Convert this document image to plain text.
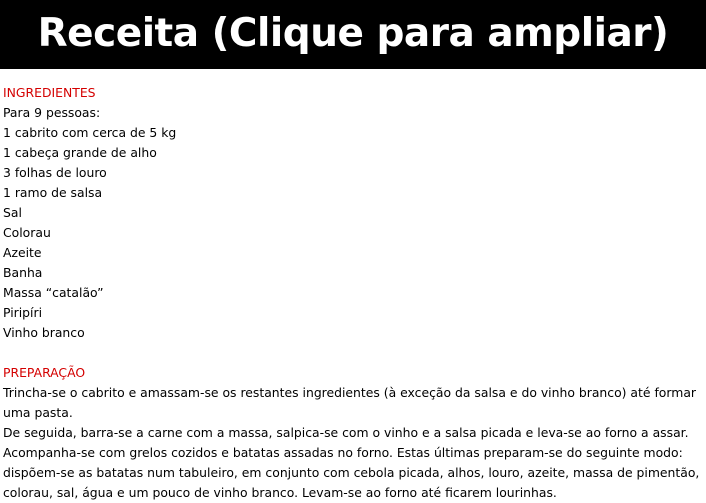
Receita (Clique para ampliar)
INGREDIENTES
Para 9 pessoas:
1 cabrito com cerca de 5 kg
1 cabeça grande de alho
3 folhas de louro
1 ramo de salsa
Sal
Colorau
Azeite
Banha
Massa “catalão”
Piripíri
Vinho branco
PREPARAÇÃO
Trincha-se o cabrito e amassam-se os restantes ingredientes (à exceção da salsa e do vinho branco) até formar
uma pasta.
De seguida, barra-se a carne com a massa, salpica-se com o vinho e a salsa picada e leva-se ao forno a assar.
Acompanha-se com grelos cozidos e batatas assadas no forno. Estas últimas preparam-se do seguinte modo:
dispõem-se as batatas num tabuleiro, em conjunto com cebola picada, alhos, louro, azeite, massa de pimentão,
colorau, sal, água e um pouco de vinho branco. Levam-se ao forno até ficarem lourinhas.
